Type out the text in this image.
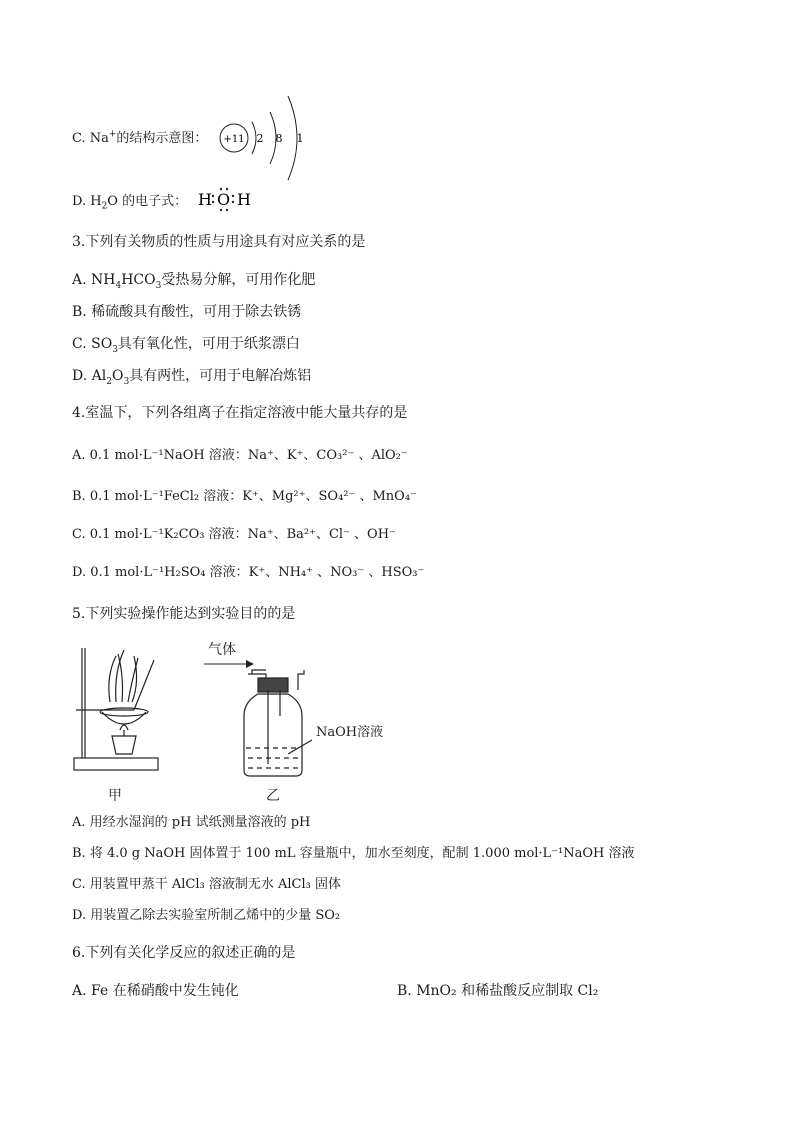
C. Na+的结构示意图： +11 2 8 1
D. $H_2O$ 的电子式： H O H
3.下列有关物质的性质与用途具有对应关系的是
A. $NH_4HCO_3$受热易分解，可用作化肥
B. 稀硫酸具有酸性，可用于除去铁锈
C. $SO_3$具有氧化性，可用于纸浆漂白
D. $Al_2O_3$具有两性，可用于电解冶炼铝
4.室温下，下列各组离子在指定溶液中能大量共存的是
A. 0.1 mol·L⁻¹NaOH 溶液：Na⁺、K⁺、CO₃²⁻ 、AlO₂⁻
B. 0.1 mol·L⁻¹FeCl₂ 溶液：K⁺、Mg²⁺、SO₄²⁻ 、MnO₄⁻
C. 0.1 mol·L⁻¹K₂CO₃ 溶液：Na⁺、Ba²⁺、Cl⁻ 、OH⁻
D. 0.1 mol·L⁻¹H₂SO₄ 溶液：K⁺、NH₄⁺ 、NO₃⁻ 、HSO₃⁻
5.下列实验操作能达到实验目的的是
气体
NaOH溶液
甲	乙
A. 用经水湿润的 pH 试纸测量溶液的 pH
B. 将 4.0 g NaOH 固体置于 100 mL 容量瓶中，加水至刻度，配制 1.000 mol·L⁻¹NaOH 溶液
C. 用装置甲蒸干 AlCl₃ 溶液制无水 AlCl₃ 固体
D. 用装置乙除去实验室所制乙烯中的少量 SO₂
6.下列有关化学反应的叙述正确的是
A. Fe 在稀硝酸中发生钝化	B. MnO₂ 和稀盐酸反应制取 Cl₂
